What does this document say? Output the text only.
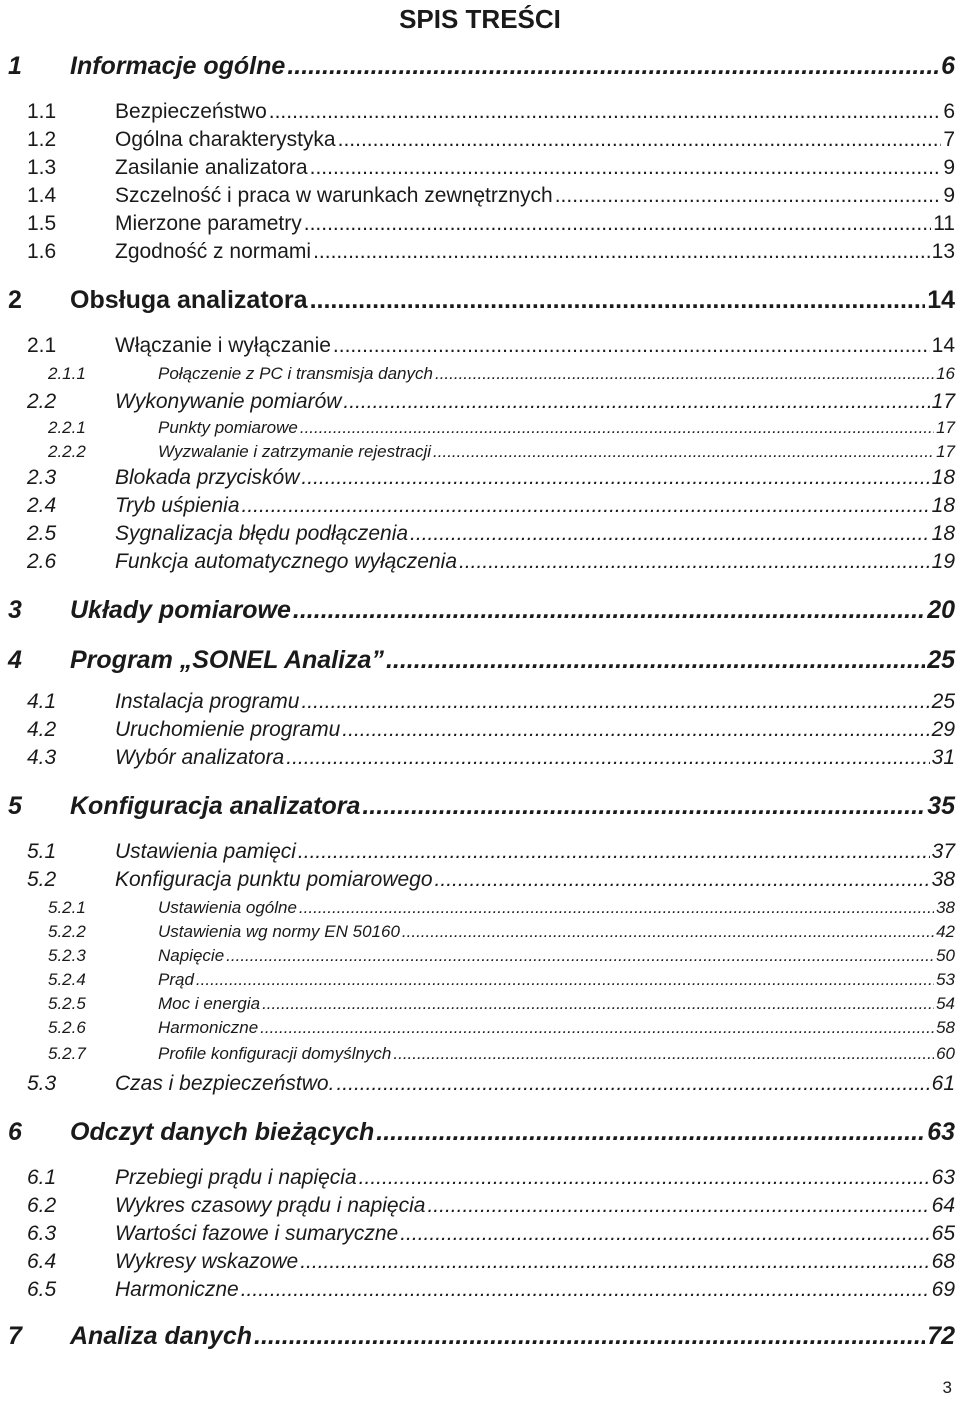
SPIS TREŚCI
1	Informacje ogólne .....	6
1.1	Bezpieczeństwo .....	6
1.2	Ogólna charakterystyka .....	7
1.3	Zasilanie analizatora .....	9
1.4	Szczelność i praca w warunkach zewnętrznych .....	9
1.5	Mierzone parametry .....	11
1.6	Zgodność z normami .....	13
2	Obsługa analizatora .....	14
2.1	Włączanie i wyłączanie .....	14
2.1.1	Połączenie z PC i transmisja danych .....	16
2.2	Wykonywanie pomiarów .....	17
2.2.1	Punkty pomiarowe .....	17
2.2.2	Wyzwalanie i zatrzymanie rejestracji .....	17
2.3	Blokada przycisków .....	18
2.4	Tryb uśpienia .....	18
2.5	Sygnalizacja błędu podłączenia .....	18
2.6	Funkcja automatycznego wyłączenia .....	19
3	Układy pomiarowe .....	20
4	Program „SONEL Analiza” .....	25
4.1	Instalacja programu .....	25
4.2	Uruchomienie programu .....	29
4.3	Wybór analizatora .....	31
5	Konfiguracja analizatora .....	35
5.1	Ustawienia pamięci .....	37
5.2	Konfiguracja punktu pomiarowego .....	38
5.2.1	Ustawienia ogólne .....	38
5.2.2	Ustawienia wg normy EN 50160 .....	42
5.2.3	Napięcie .....	50
5.2.4	Prąd .....	53
5.2.5	Moc i energia .....	54
5.2.6	Harmoniczne .....	58
5.2.7	Profile konfiguracji domyślnych .....	60
5.3	Czas i bezpieczeństwo. .....	61
6	Odczyt danych bieżących .....	63
6.1	Przebiegi prądu i napięcia .....	63
6.2	Wykres czasowy prądu i napięcia .....	64
6.3	Wartości fazowe i sumaryczne .....	65
6.4	Wykresy wskazowe .....	68
6.5	Harmoniczne .....	69
7	Analiza danych .....	72
3
